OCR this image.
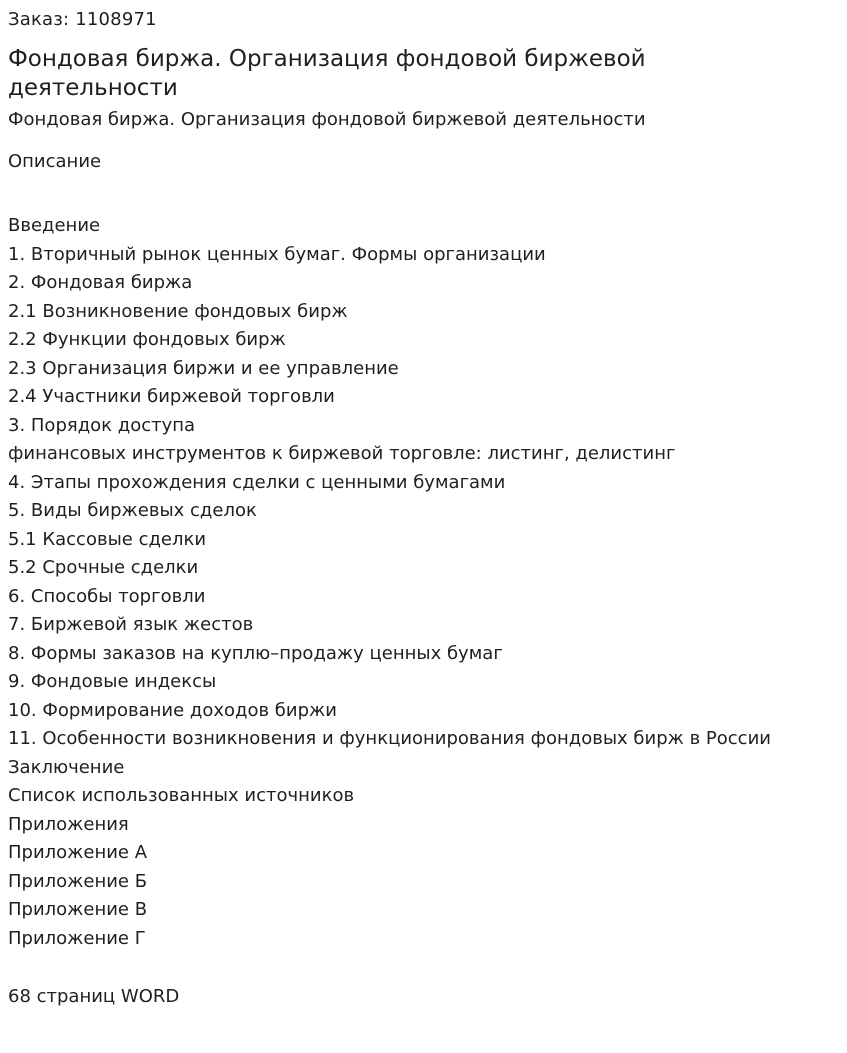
Заказ: 1108971
Фондовая биржа. Организация фондовой биржевой деятельности
Фондовая биржа. Организация фондовой биржевой деятельности
Описание
Введение
1. Вторичный рынок ценных бумаг. Формы организации
2. Фондовая биржа
2.1 Возникновение фондовых бирж
2.2 Функции фондовых бирж
2.3 Организация биржи и ее управление
2.4 Участники биржевой торговли
3. Порядок доступа
финансовых инструментов к биржевой торговле: листинг, делистинг
4. Этапы прохождения сделки с ценными бумагами
5. Виды биржевых сделок
5.1 Кассовые сделки
5.2 Срочные сделки
6. Способы торговли
7. Биржевой язык жестов
8. Формы заказов на куплю–продажу ценных бумаг
9. Фондовые индексы
10. Формирование доходов биржи
11. Особенности возникновения и функционирования фондовых бирж в России
Заключение
Список использованных источников
Приложения
Приложение А
Приложение Б
Приложение В
Приложение Г
68 страниц WORD
